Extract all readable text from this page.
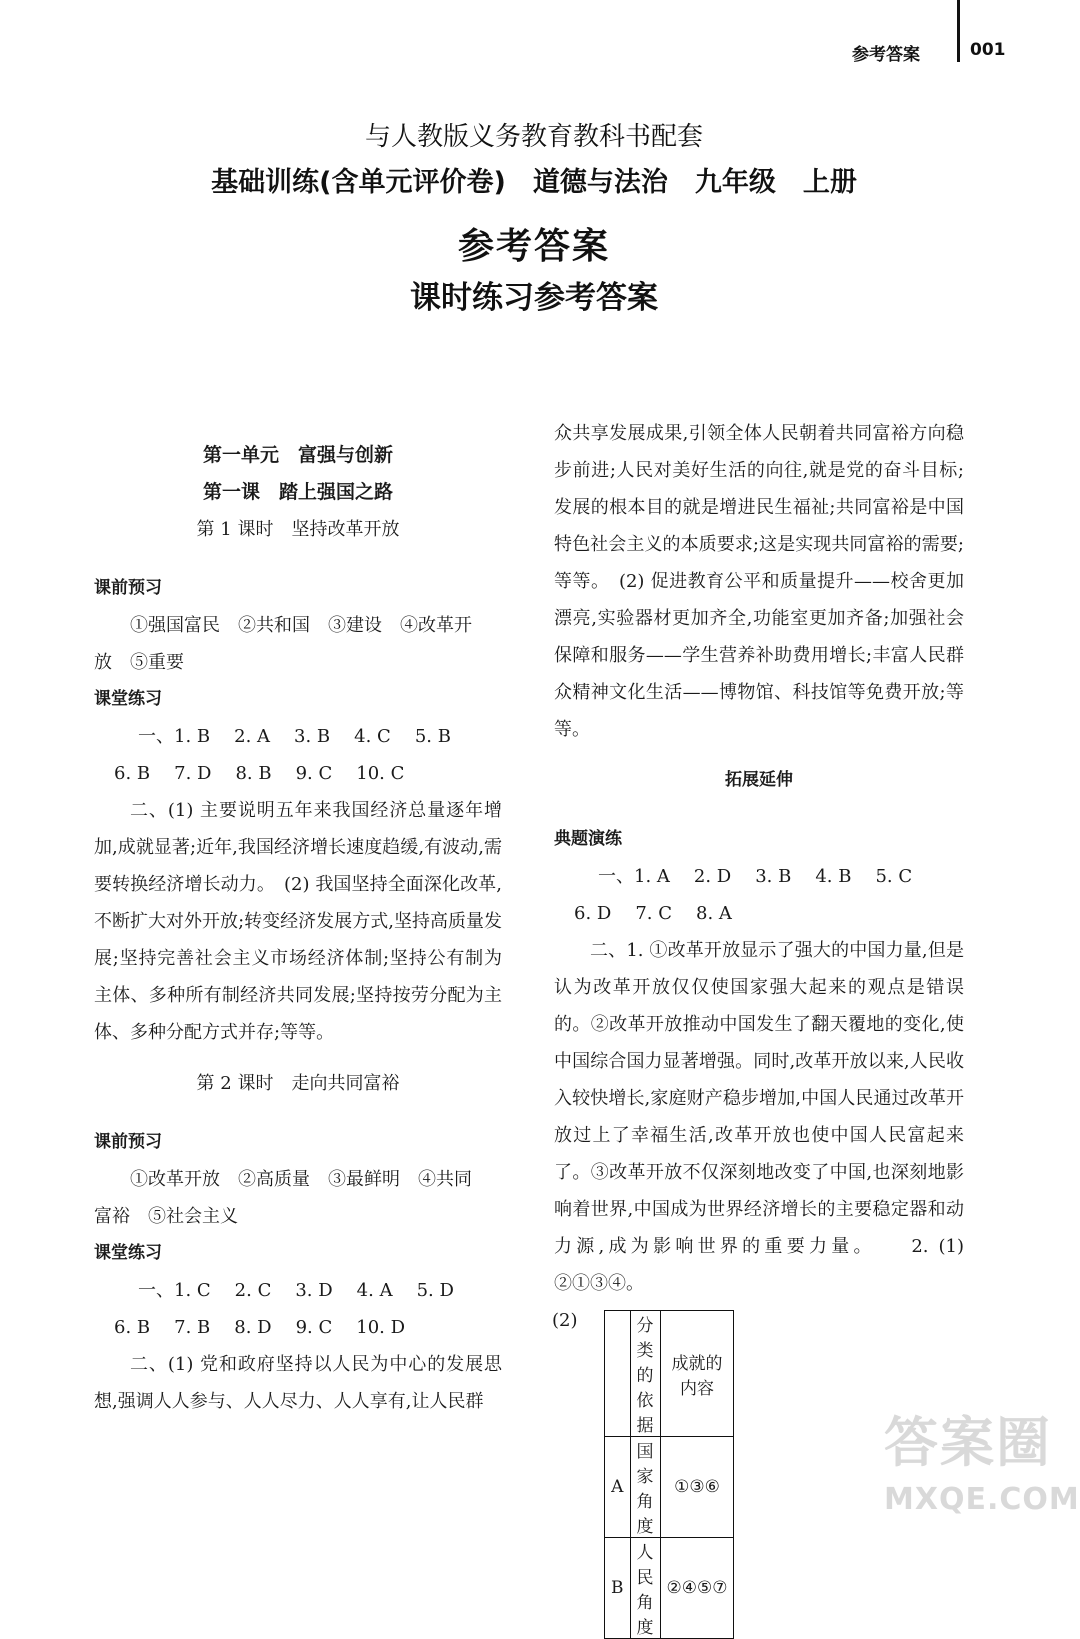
参考答案	001
与人教版义务教育教科书配套
基础训练(含单元评价卷)　道德与法治　九年级　上册
参考答案
课时练习参考答案
第一单元　富强与创新
第一课　踏上强国之路
第 1 课时　坚持改革开放
课前预习
①强国富民　②共和国　③建设　④改革开
放　⑤重要
课堂练习
一、1. B 2. A 3. B 4. C 5. B
6. B 7. D 8. B 9. C 10. C
二、(1) 主要说明五年来我国经济总量逐年增加,成就显著;近年,我国经济增长速度趋缓,有波动,需要转换经济增长动力。　(2) 我国坚持全面深化改革,不断扩大对外开放;转变经济发展方式,坚持高质量发展;坚持完善社会主义市场经济体制;坚持公有制为主体、多种所有制经济共同发展;坚持按劳分配为主体、多种分配方式并存;等等。
第 2 课时　走向共同富裕
课前预习
①改革开放　②高质量　③最鲜明　④共同
富裕　⑤社会主义
课堂练习
一、1. C 2. C 3. D 4. A 5. D
6. B 7. B 8. D 9. C 10. D
二、(1) 党和政府坚持以人民为中心的发展思想,强调人人参与、人人尽力、人人享有,让人民群
众共享发展成果,引领全体人民朝着共同富裕方向稳步前进;人民对美好生活的向往,就是党的奋斗目标;发展的根本目的就是增进民生福祉;共同富裕是中国特色社会主义的本质要求;这是实现共同富裕的需要;等等。　(2) 促进教育公平和质量提升——校舍更加漂亮,实验器材更加齐全,功能室更加齐备;加强社会保障和服务——学生营养补助费用增长;丰富人民群众精神文化生活——博物馆、科技馆等免费开放;等等。
拓展延伸
典题演练
一、1. A 2. D 3. B 4. B 5. C
6. D 7. C 8. A
二、1. ①改革开放显示了强大的中国力量,但是认为改革开放仅仅使国家强大起来的观点是错误的。②改革开放推动中国发生了翻天覆地的变化,使中国综合国力显著增强。同时,改革开放以来,人民收入较快增长,家庭财产稳步增加,中国人民通过改革开放过上了幸福生活,改革开放也使中国人民富起来了。③改革开放不仅深刻地改变了中国,也深刻地影响着世界,中国成为世界经济增长的主要稳定器和动力源,成为影响世界的重要力量。　　2. (1) ②①③④。
(2)
		分类的依据	成就的内容
A	国家角度	①③⑥
B	人民角度	②④⑤⑦
答案圈
MXQE.COM
